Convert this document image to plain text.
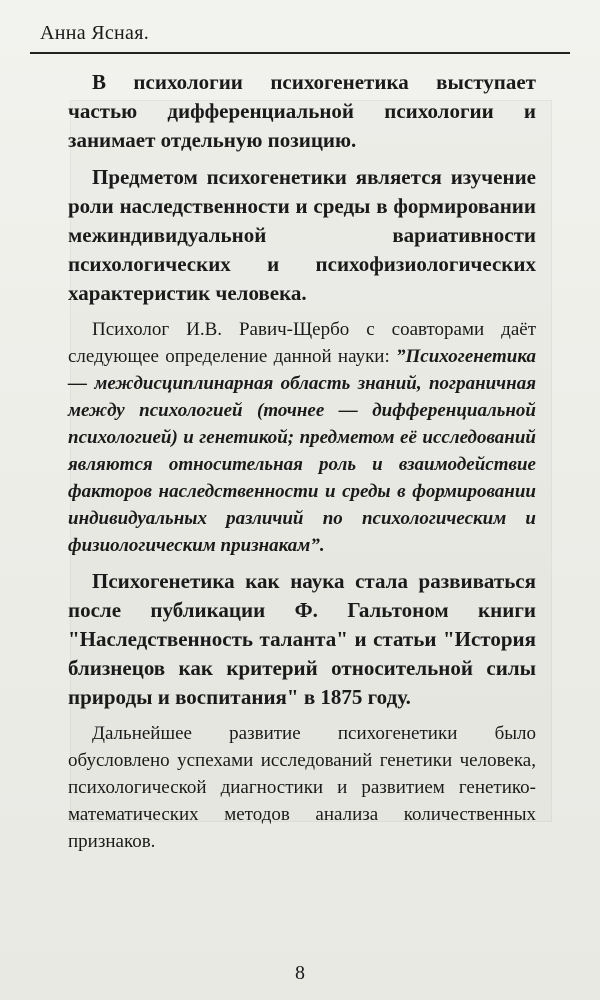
Анна Ясная.

В психологии психогенетика выступает частью дифференциальной психологии и занимает отдельную позицию.

Предметом психогенетики является изучение роли наследственности и среды в формировании межиндивидуальной вариативности психологических и психофизиологических характеристик человека.

Психолог И.В. Равич-Щербо с соавторами даёт следующее определение данной науки: ”Психогенетика — междисциплинарная область знаний, пограничная между психологией (точнее — дифференциальной психологией) и генетикой; предметом её исследований являются относительная роль и взаимодействие факторов наследственности и среды в формировании индивидуальных различий по психологическим и физиологическим признакам”.

Психогенетика как наука стала развиваться после публикации Ф. Гальтоном книги "Наследственность таланта" и статьи "История близнецов как критерий относительной силы природы и воспитания" в 1875 году.

Дальнейшее развитие психогенетики было обусловлено успехами исследований генетики человека, психологической диагностики и развитием генетико-математических методов анализа количественных признаков.

8
